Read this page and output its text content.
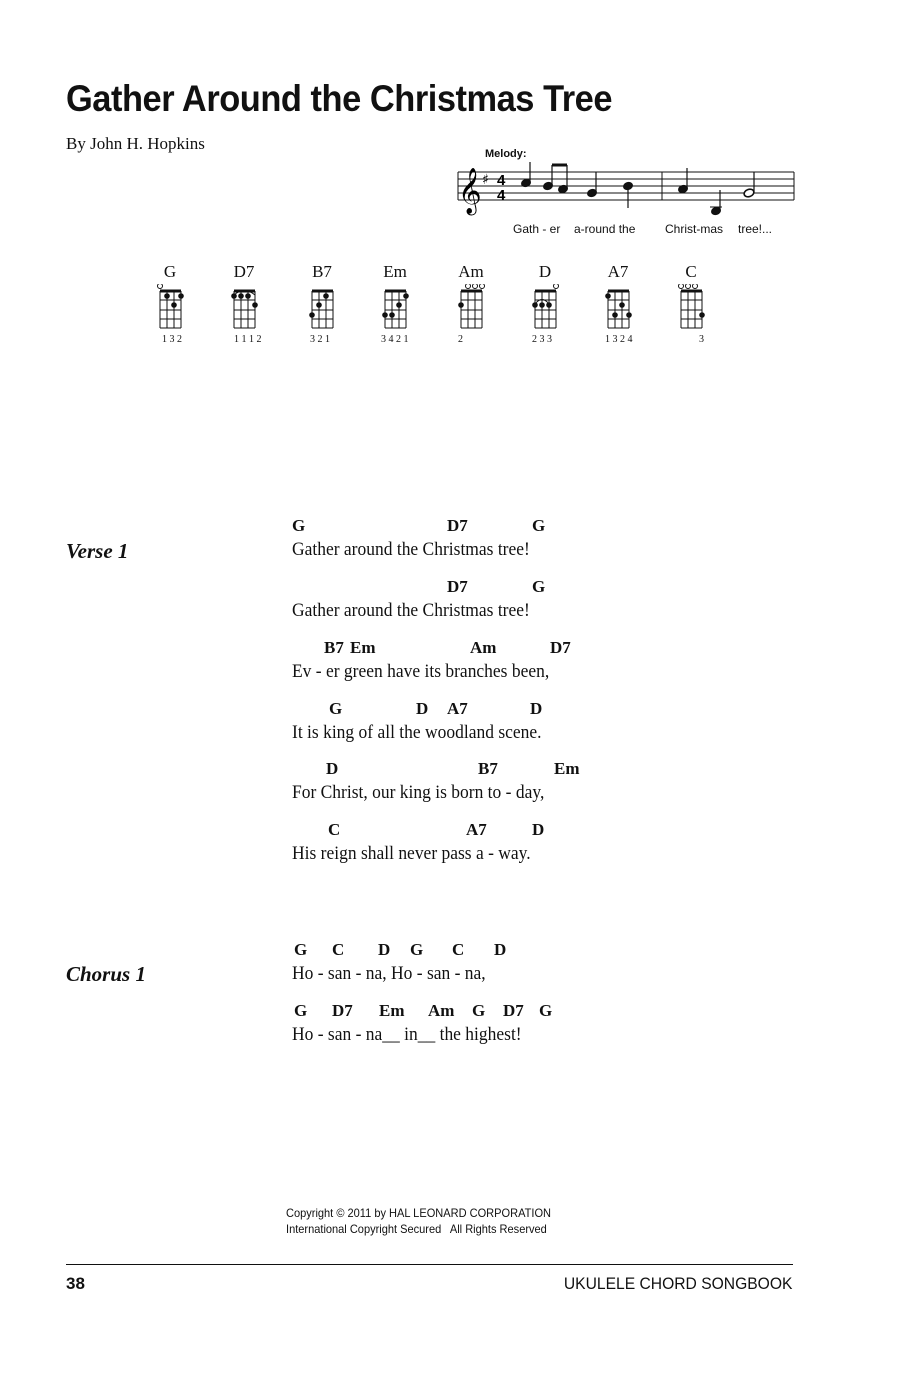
Gather Around the Christmas Tree
By John H. Hopkins
Melody:
𝄞 ♯ 4
4
Gath - er a-round the Christ-mas tree!...
G
1 3 2
D7
1 1 1 2
B7
3 2 1
Em
3 4 2 1
Am
2
D
2 3 3
A7
1 3 2 4
C
3
Verse 1
G	D7	G
Gather around the Christmas tree!
D7	G
Gather around the Christmas tree!
B7 Em	Am	D7
Ev - er green have its branches been,
G	D A7	D
It is king of all the woodland scene.
D	B7	Em
For Christ, our king is born to - day,
C	A7	D
His reign shall never pass a - way.
Chorus 1
G C D G C D
Ho - san - na, Ho - san - na,
G D7 Em Am G D7 G
Ho - san - na__ in__ the highest!
Copyright © 2011 by HAL LEONARD CORPORATION
International Copyright Secured   All Rights Reserved
38	UKULELE CHORD SONGBOOK
